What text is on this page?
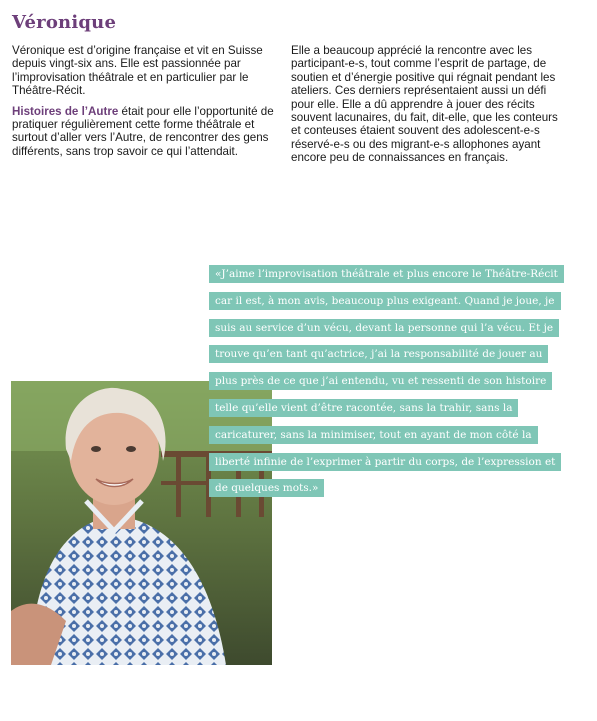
Véronique

Véronique est d’origine française et vit en Suisse depuis vingt-six ans. Elle est passionnée par l’improvisation théâtrale et en particulier par le Théâtre-Récit.

Histoires de l’Autre était pour elle l’opportunité de pratiquer régulièrement cette forme théâtrale et surtout d’aller vers l’Autre, de rencontrer des gens différents, sans trop savoir ce qui l’attendait.

Elle a beaucoup apprécié la rencontre avec les participant-e-s, tout comme l’esprit de partage, de soutien et d’énergie positive qui régnait pendant les ateliers. Ces derniers représentaient aussi un défi pour elle. Elle a dû apprendre à jouer des récits souvent lacunaires, du fait, dit-elle, que les conteurs et conteuses étaient souvent des adolescent-e-s réservé-e-s ou des migrant-e-s allophones ayant encore peu de connaissances en français.

«J’aime l’improvisation théâtrale et plus encore le Théâtre-Récit car il est, à mon avis, beaucoup plus exigeant. Quand je joue, je suis au service d’un vécu, devant la personne qui l’a vécu. Et je trouve qu’en tant qu’actrice, j’ai la responsabilité de jouer au plus près de ce que j’ai entendu, vu et ressenti de son histoire telle qu’elle vient d’être racontée, sans la trahir, sans la caricaturer, sans la minimiser, tout en ayant de mon côté la liberté infinie de l’exprimer à partir du corps, de l’expression et de quelques mots.»
